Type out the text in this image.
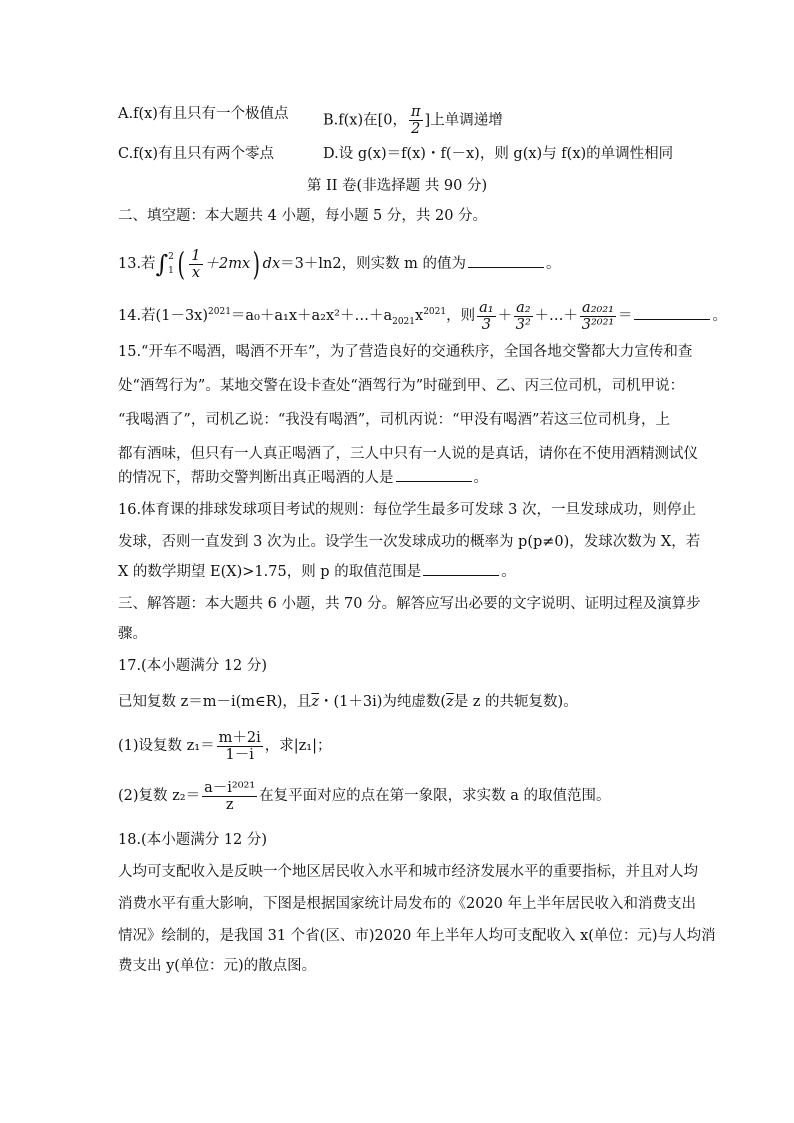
A.f(x)有且只有一个极值点 B.f(x)在[0， $\frac{\pi}{2}$ ]上单调递增
C.f(x)有且只有两个零点	D.设 g(x)＝f(x)・f(－x)，则 g(x)与 f(x)的单调性相同
第 II 卷(非选择题 共 90 分)
二、填空题：本大题共 4 小题，每小题 5 分，共 20 分。
13.若∫ 2
1 ( $\frac{1}{x} +2mx$) dx＝3＋ln2，则实数 m 的值为	。
14.若$(1-3x)^{2021}=a_0+a_1x+a_2x^2+\dots+a_{2021}x^{2021}$，则 $\frac{\text{a₁}}{3} + \frac{\text{a₂}}{\text{3²}}$ ＋…＋ $\frac{\text{a₂₀₂₁}}{\text{3²⁰²¹}}$ ＝	。
15.“开车不喝酒，喝酒不开车”，为了营造良好的交通秩序，全国各地交警都大力宣传和查
处“酒驾行为”。某地交警在设卡查处“酒驾行为”时碰到甲、乙、丙三位司机，司机甲说：
“我喝酒了”，司机乙说：“我没有喝酒”，司机丙说：“甲没有喝酒”若这三位司机身，上
都有酒味，但只有一人真正喝酒了，三人中只有一人说的是真话，请你在不使用酒精测试仪
的情况下，帮助交警判断出真正喝酒的人是	。
16.体育课的排球发球项目考试的规则：每位学生最多可发球 3 次，一旦发球成功，则停止
发球，否则一直发到 3 次为止。设学生一次发球成功的概率为 p(p≠0)，发球次数为 X，若
X 的数学期望 E(X)>1.75，则 p 的取值范围是	。
三、解答题：本大题共 6 小题，共 70 分。解答应写出必要的文字说明、证明过程及演算步
骤。
17.(本小题满分 12 分)
已知复数 z＝m－i(m∈R)，且$\overline{z}$・(1＋3i)为纯虚数($\overline{z}$是 z 的共轭复数)。
(1)设复数 $z_1= \frac{m+2i}{1-i}$ ，求|z₁|；
(2)复数 $z_2= \frac{\text{a－i²⁰²¹}}{z}$ 在复平面对应的点在第一象限，求实数 a 的取值范围。
18.(本小题满分 12 分)
人均可支配收入是反映一个地区居民收入水平和城市经济发展水平的重要指标，并且对人均
消费水平有重大影响，下图是根据国家统计局发布的《2020 年上半年居民收入和消费支出
情况》绘制的，是我国 31 个省(区、市)2020 年上半年人均可支配收入 x(单位：元)与人均消
费支出 y(单位：元)的散点图。
